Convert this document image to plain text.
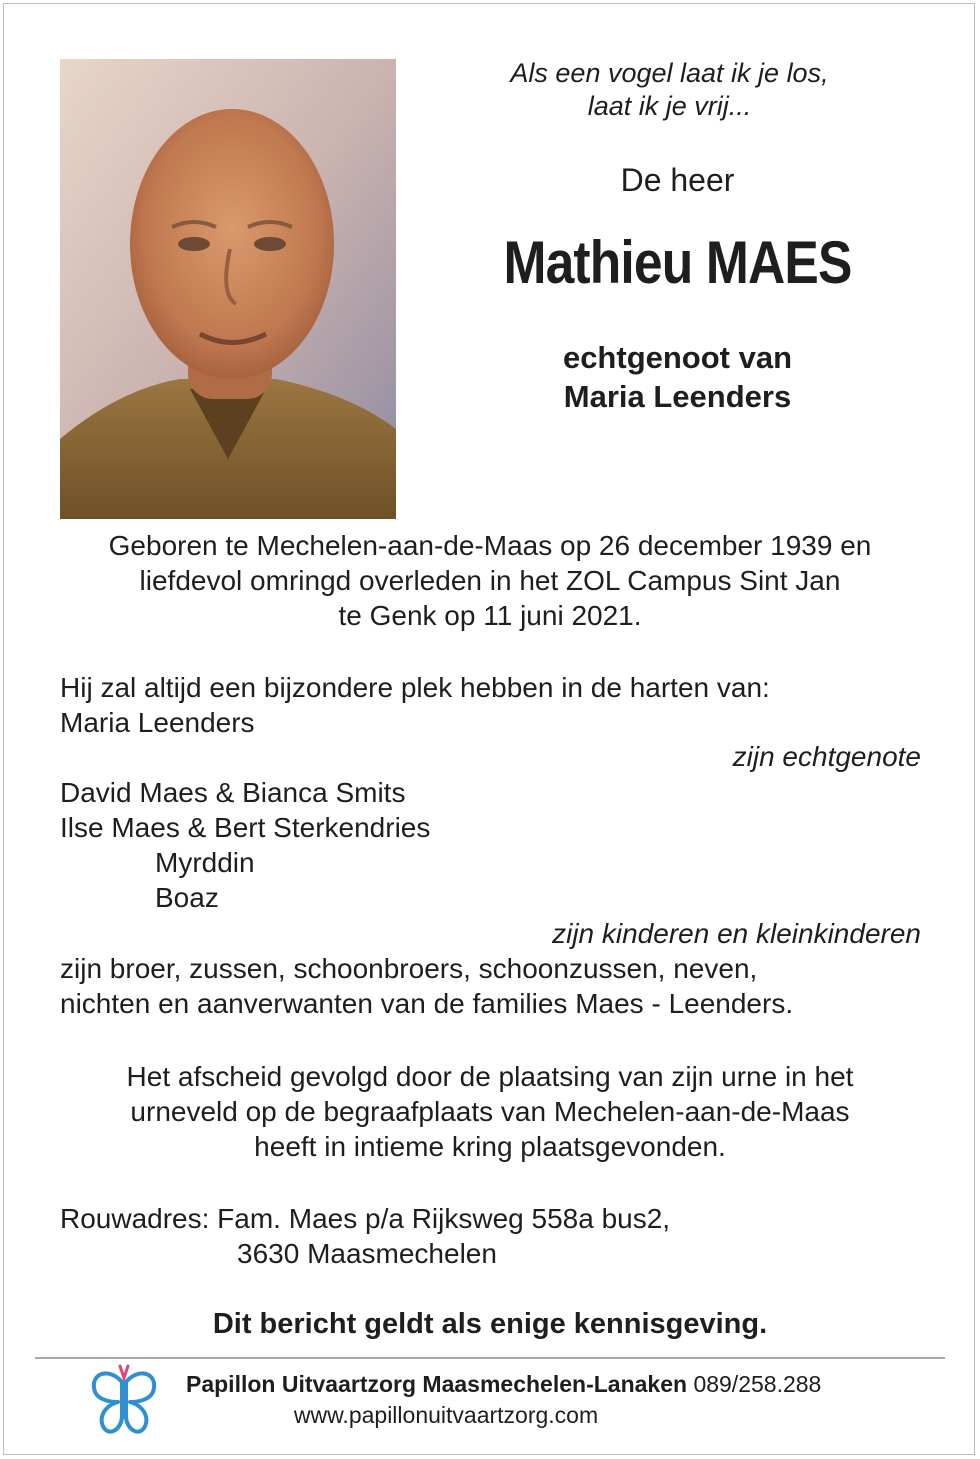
Als een vogel laat ik je los,
laat ik je vrij...
De heer
Mathieu MAES
echtgenoot van
Maria Leenders
Geboren te Mechelen-aan-de-Maas op 26 december 1939 en
liefdevol omringd overleden in het ZOL Campus Sint Jan
te Genk op 11 juni 2021.
Hij zal altijd een bijzondere plek hebben in de harten van:
Maria Leenders
zijn echtgenote
David Maes & Bianca Smits
Ilse Maes & Bert Sterkendries
Myrddin
Boaz
zijn kinderen en kleinkinderen
zijn broer, zussen, schoonbroers, schoonzussen, neven,
nichten en aanverwanten van de families Maes - Leenders.
Het afscheid gevolgd door de plaatsing van zijn urne in het
urneveld op de begraafplaats van Mechelen-aan-de-Maas
heeft in intieme kring plaatsgevonden.
Rouwadres: Fam. Maes p/a Rijksweg 558a bus2,
3630 Maasmechelen
Dit bericht geldt als enige kennisgeving.
Papillon Uitvaartzorg Maasmechelen-Lanaken 089/258.288
www.papillonuitvaartzorg.com
